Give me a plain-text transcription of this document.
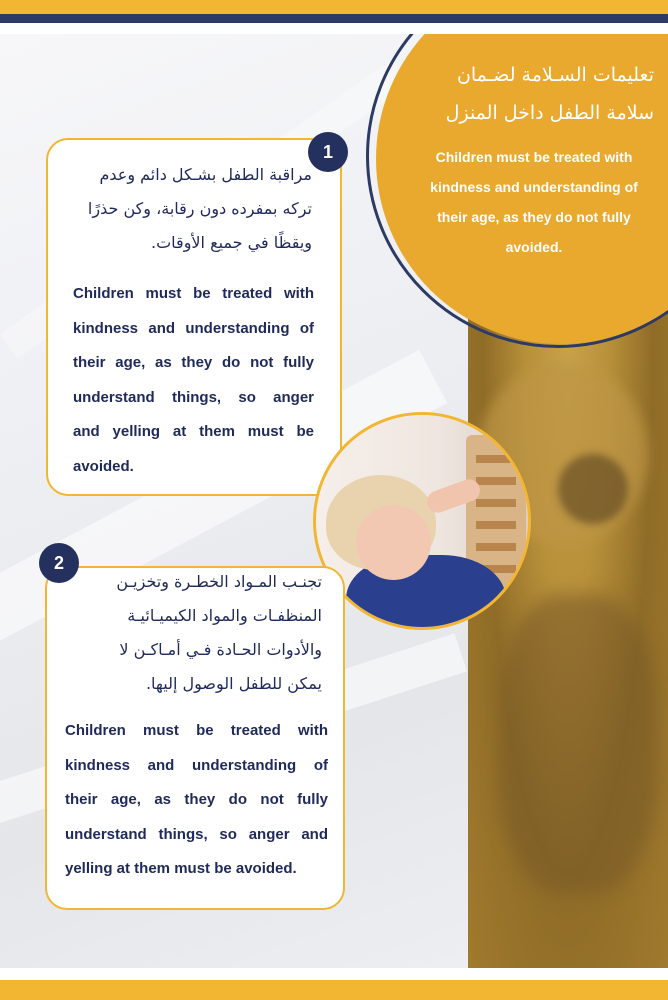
تعليمات السـلامة لضـمان
سلامة الطفل داخل المنزل
Children must be treated with
kindness and understanding of
their age, as they do not fully
avoided.
1
مراقبة الطفل بشـكل دائم وعدم
تركه بمفرده دون رقابة، وكن حذرًا
ويقظًا في جميع الأوقات.
Children must be treated with
kindness and understanding of
their age, as they do not fully
understand things, so anger
and yelling at them must be
avoided.
2
تجنـب المـواد الخطـرة وتخزيـن
المنظفـات والمواد الكيميـائيـة
والأدوات الحـادة فـي أمـاكـن لا
يمكن للطفل الوصول إليها.
Children must be treated with
kindness and understanding of
their age, as they do not fully
understand things, so anger and
yelling at them must be avoided.
